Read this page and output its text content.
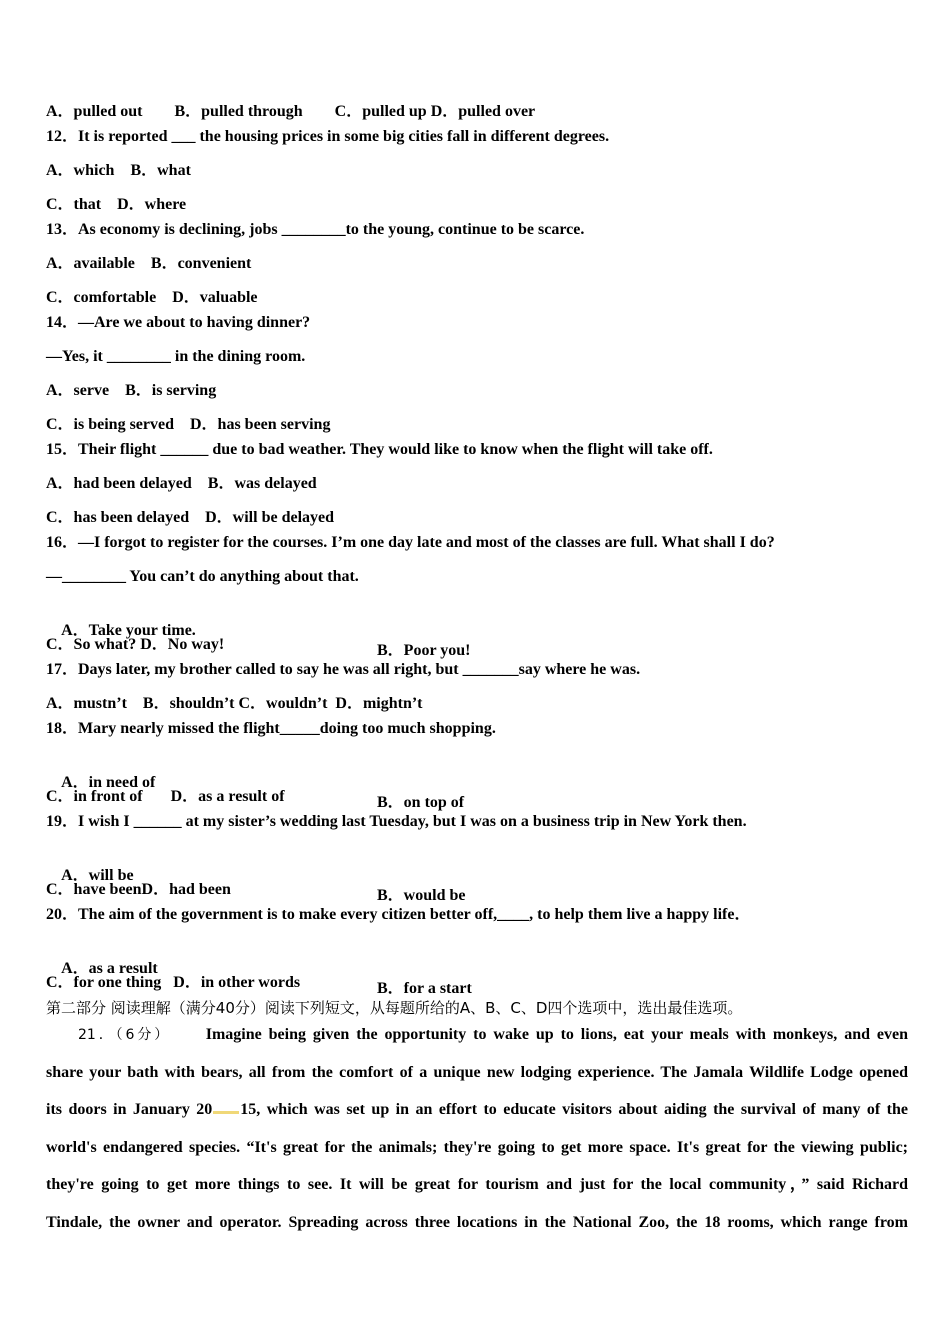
A．pulled out        B．pulled through        C．pulled up D．pulled over
12．It is reported ___ the housing prices in some big cities fall in different degrees.
A．which    B．what
C．that    D．where
13．As economy is declining, jobs ________to the young, continue to be scarce.
A．available    B．convenient
C．comfortable    D．valuable
14．—Are we about to having dinner?
—Yes, it ________ in the dining room.
A．serve    B．is serving
C．is being served    D．has been serving
15．Their flight ______ due to bad weather. They would like to know when the flight will take off.
A．had been delayed    B．was delayed
C．has been delayed    D．will be delayed
16．—I forgot to register for the courses. I’m one day late and most of the classes are full. What shall I do?
—________ You can’t do anything about that.

A．Take your time.

B．Poor you!

C．So what? D．No way!
17．Days later, my brother called to say he was all right, but _______say where he was.
A．mustn’t    B．shouldn’t C．wouldn’t  D．mightn’t
18．Mary nearly missed the flight_____doing too much shopping.

A．in need of

B．on top of

C．in front of       D．as a result of
19．I wish I ______ at my sister’s wedding last Tuesday, but I was on a business trip in New York then.

A．will be

B．would be

C．have beenD．had been
20．The aim of the government is to make every citizen better off,____, to help them live a happy life．

A．as a result

B．for a start

C．for one thing   D．in other words
第二部分 阅读理解（满分40分）阅读下列短文，从每题所给的A、B、C、D四个选项中，选出最佳选项。
21．（6分） Imagine being given the opportunity to wake up to lions, eat your meals with monkeys, and even
share your bath with bears, all from the comfort of a unique new lodging experience. The Jamala Wildlife Lodge opened
its doors in January 20 15, which was set up in an effort to educate visitors about aiding the survival of many of the
world's endangered species. “It's great for the animals; they're going to get more space. It's great for the viewing public;
they're going to get more things to see. It will be great for tourism and just for the local community，” said Richard
Tindale, the owner and operator. Spreading across three locations in the National Zoo, the 18 rooms, which range from
